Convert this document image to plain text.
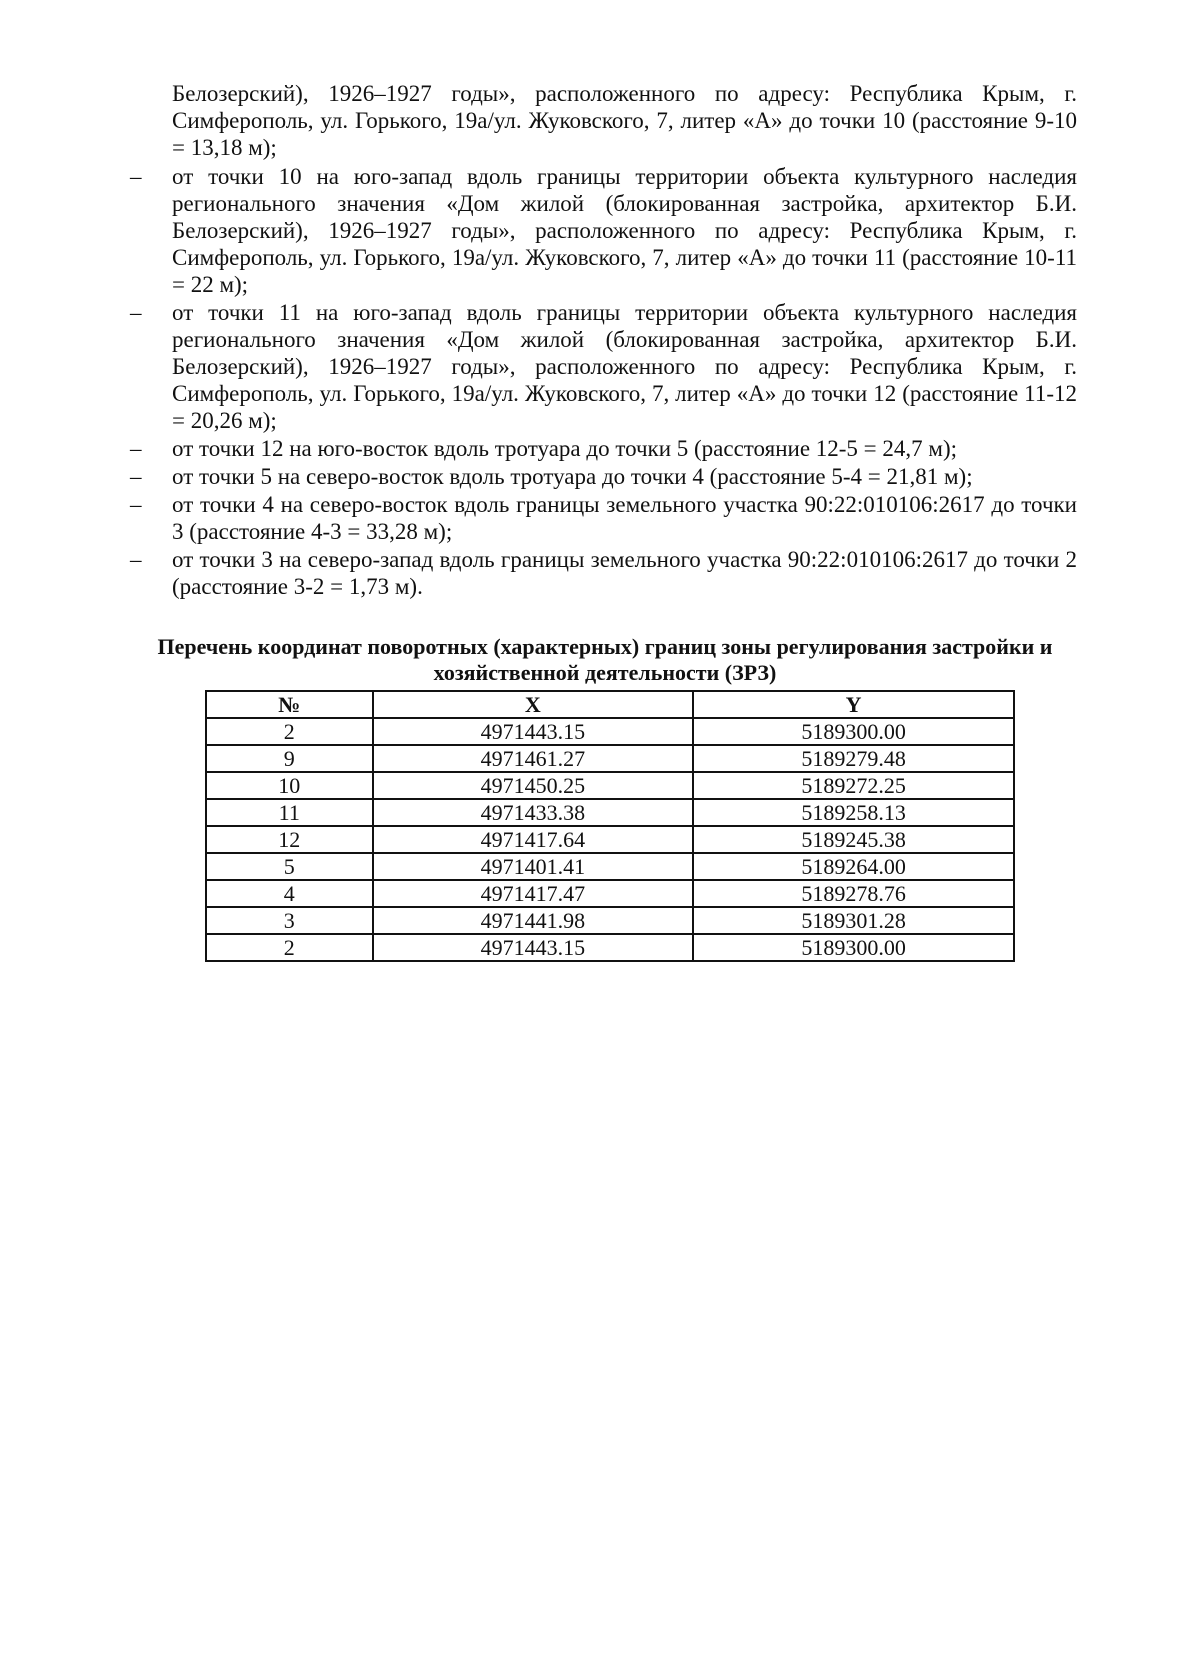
Белозерский), 1926–1927 годы», расположенного по адресу: Республика Крым, г. Симферополь, ул. Горького, 19а/ул. Жуковского, 7, литер «А» до точки 10 (расстояние 9-10 = 13,18 м);

– от точки 10 на юго-запад вдоль границы территории объекта культурного наследия регионального значения «Дом жилой (блокированная застройка, архитектор Б.И. Белозерский), 1926–1927 годы», расположенного по адресу: Республика Крым, г. Симферополь, ул. Горького, 19а/ул. Жуковского, 7, литер «А» до точки 11 (расстояние 10-11 = 22 м);
– от точки 11 на юго-запад вдоль границы территории объекта культурного наследия регионального значения «Дом жилой (блокированная застройка, архитектор Б.И. Белозерский), 1926–1927 годы», расположенного по адресу: Республика Крым, г. Симферополь, ул. Горького, 19а/ул. Жуковского, 7, литер «А» до точки 12 (расстояние 11-12 = 20,26 м);
– от точки 12 на юго-восток вдоль тротуара до точки 5 (расстояние 12-5 = 24,7 м);
– от точки 5 на северо-восток вдоль тротуара до точки 4 (расстояние 5-4 = 21,81 м);
– от точки 4 на северо-восток вдоль границы земельного участка 90:22:010106:2617 до точки 3 (расстояние 4-3 = 33,28 м);
– от точки 3 на северо-запад вдоль границы земельного участка 90:22:010106:2617 до точки 2 (расстояние 3-2 = 1,73 м).
Перечень координат поворотных (характерных) границ зоны регулирования застройки и хозяйственной деятельности (ЗРЗ)
№	X	Y
2	4971443.15	5189300.00
9	4971461.27	5189279.48
10	4971450.25	5189272.25
11	4971433.38	5189258.13
12	4971417.64	5189245.38
5	4971401.41	5189264.00
4	4971417.47	5189278.76
3	4971441.98	5189301.28
2	4971443.15	5189300.00
